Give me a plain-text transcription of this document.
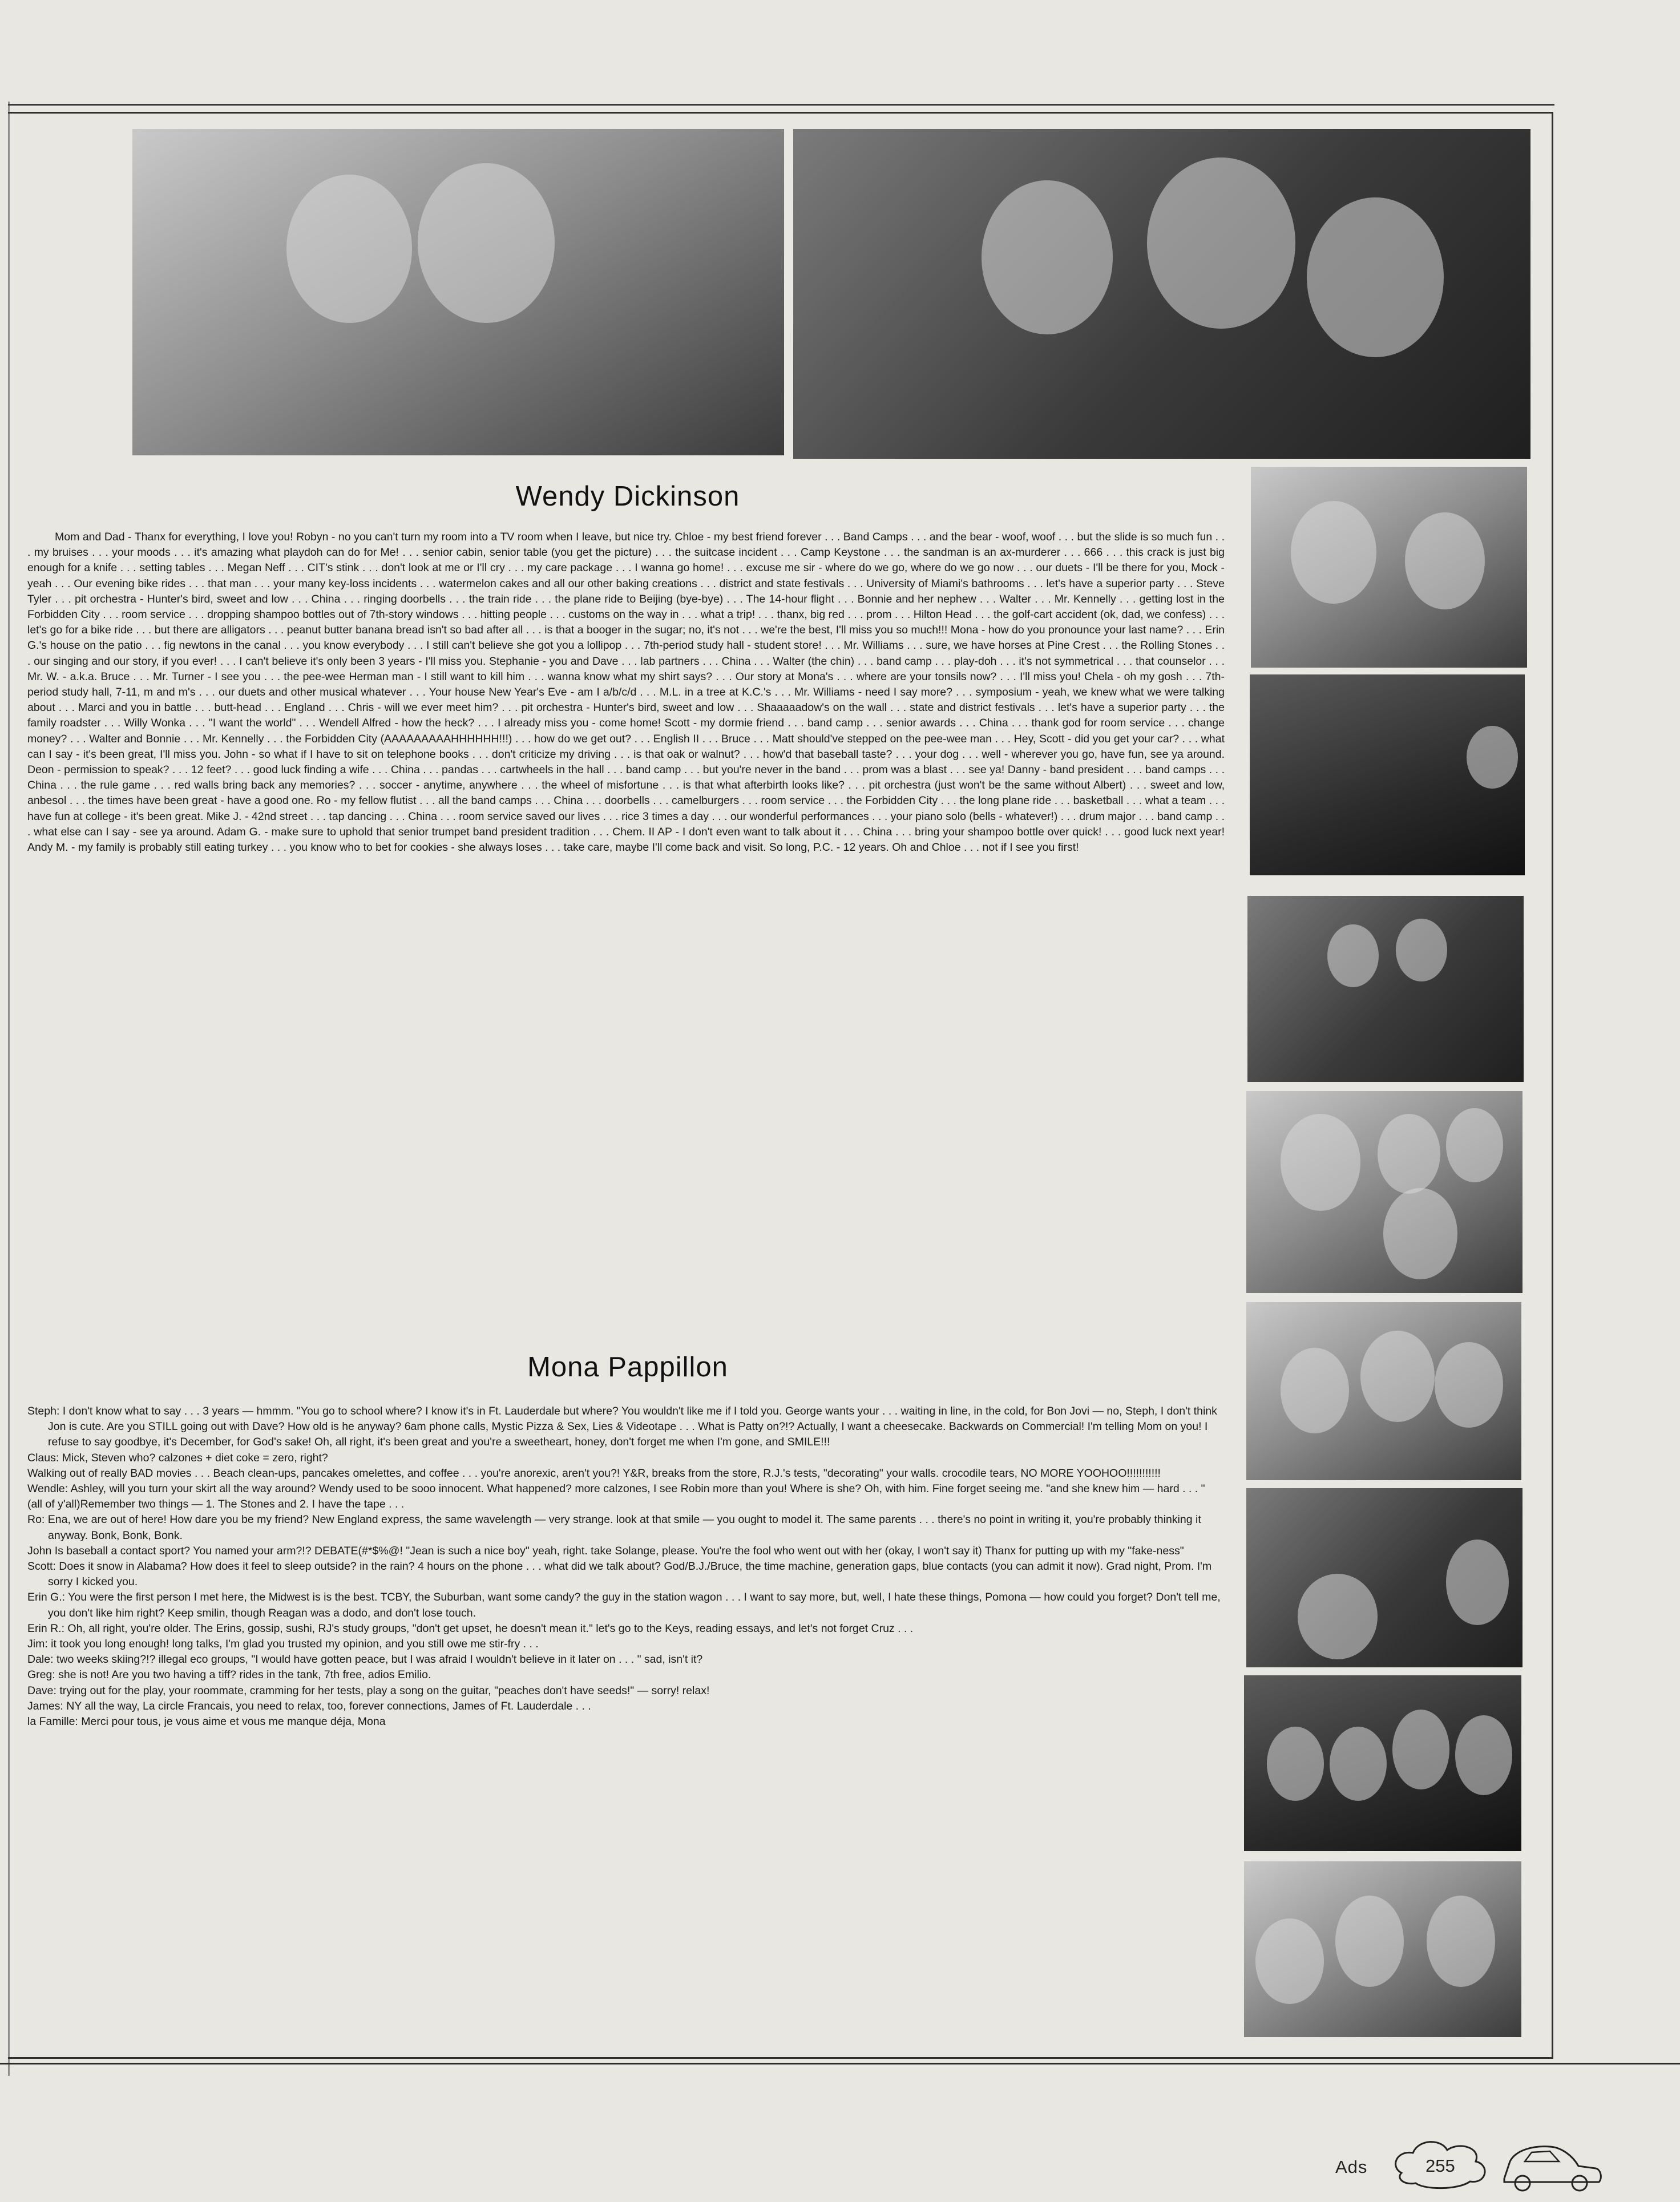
Wendy Dickinson

Mom and Dad - Thanx for everything, I love you! Robyn - no you can't turn my room into a TV room when I leave, but nice try. Chloe - my best friend forever . . . Band Camps . . . and the bear - woof, woof . . . but the slide is so much fun . . . my bruises . . . your moods . . . it's amazing what playdoh can do for Me! . . . senior cabin, senior table (you get the picture) . . . the suitcase incident . . . Camp Keystone . . . the sandman is an ax-murderer . . . 666 . . . this crack is just big enough for a knife . . . setting tables . . . Megan Neff . . . CIT's stink . . . don't look at me or I'll cry . . . my care package . . . I wanna go home! . . . excuse me sir - where do we go, where do we go now . . . our duets - I'll be there for you, Mock - yeah . . . Our evening bike rides . . . that man . . . your many key-loss incidents . . . watermelon cakes and all our other baking creations . . . district and state festivals . . . University of Miami's bathrooms . . . let's have a superior party . . . Steve Tyler . . . pit orchestra - Hunter's bird, sweet and low . . . China . . . ringing doorbells . . . the train ride . . . the plane ride to Beijing (bye-bye) . . . The 14-hour flight . . . Bonnie and her nephew . . . Walter . . . Mr. Kennelly . . . getting lost in the Forbidden City . . . room service . . . dropping shampoo bottles out of 7th-story windows . . . hitting people . . . customs on the way in . . . what a trip! . . . thanx, big red . . . prom . . . Hilton Head . . . the golf-cart accident (ok, dad, we confess) . . . let's go for a bike ride . . . but there are alligators . . . peanut butter banana bread isn't so bad after all . . . is that a booger in the sugar; no, it's not . . . we're the best, I'll miss you so much!!! Mona - how do you pronounce your last name? . . . Erin G.'s house on the patio . . . fig newtons in the canal . . . you know everybody . . . I still can't believe she got you a lollipop . . . 7th-period study hall - student store! . . . Mr. Williams . . . sure, we have horses at Pine Crest . . . the Rolling Stones . . . our singing and our story, if you ever! . . . I can't believe it's only been 3 years - I'll miss you. Stephanie - you and Dave . . . lab partners . . . China . . . Walter (the chin) . . . band camp . . . play-doh . . . it's not symmetrical . . . that counselor . . . Mr. W. - a.k.a. Bruce . . . Mr. Turner - I see you . . . the pee-wee Herman man - I still want to kill him . . . wanna know what my shirt says? . . . Our story at Mona's . . . where are your tonsils now? . . . I'll miss you! Chela - oh my gosh . . . 7th-period study hall, 7-11, m and m's . . . our duets and other musical whatever . . . Your house New Year's Eve - am I a/b/c/d . . . M.L. in a tree at K.C.'s . . . Mr. Williams - need I say more? . . . symposium - yeah, we knew what we were talking about . . . Marci and you in battle . . . butt-head . . . England . . . Chris - will we ever meet him? . . . pit orchestra - Hunter's bird, sweet and low . . . Shaaaaadow's on the wall . . . state and district festivals . . . let's have a superior party . . . the family roadster . . . Willy Wonka . . . "I want the world" . . . Wendell Alfred - how the heck? . . . I already miss you - come home! Scott - my dormie friend . . . band camp . . . senior awards . . . China . . . thank god for room service . . . change money? . . . Walter and Bonnie . . . Mr. Kennelly . . . the Forbidden City (AAAAAAAAAHHHHHH!!!) . . . how do we get out? . . . English II . . . Bruce . . . Matt should've stepped on the pee-wee man . . . Hey, Scott - did you get your car? . . . what can I say - it's been great, I'll miss you. John - so what if I have to sit on telephone books . . . don't criticize my driving . . . is that oak or walnut? . . . how'd that baseball taste? . . . your dog . . . well - wherever you go, have fun, see ya around. Deon - permission to speak? . . . 12 feet? . . . good luck finding a wife . . . China . . . pandas . . . cartwheels in the hall . . . band camp . . . but you're never in the band . . . prom was a blast . . . see ya! Danny - band president . . . band camps . . . China . . . the rule game . . . red walls bring back any memories? . . . soccer - anytime, anywhere . . . the wheel of misfortune . . . is that what afterbirth looks like? . . . pit orchestra (just won't be the same without Albert) . . . sweet and low, anbesol . . . the times have been great - have a good one. Ro - my fellow flutist . . . all the band camps . . . China . . . doorbells . . . camelburgers . . . room service . . . the Forbidden City . . . the long plane ride . . . basketball . . . what a team . . . have fun at college - it's been great. Mike J. - 42nd street . . . tap dancing . . . China . . . room service saved our lives . . . rice 3 times a day . . . our wonderful performances . . . your piano solo (bells - whatever!) . . . drum major . . . band camp . . . what else can I say - see ya around. Adam G. - make sure to uphold that senior trumpet band president tradition . . . Chem. II AP - I don't even want to talk about it . . . China . . . bring your shampoo bottle over quick! . . . good luck next year! Andy M. - my family is probably still eating turkey . . . you know who to bet for cookies - she always loses . . . take care, maybe I'll come back and visit. So long, P.C. - 12 years. Oh and Chloe . . . not if I see you first!

Mona Pappillon

Steph: I don't know what to say . . . 3 years — hmmm. "You go to school where? I know it's in Ft. Lauderdale but where? You wouldn't like me if I told you. George wants your . . . waiting in line, in the cold, for Bon Jovi — no, Steph, I don't think Jon is cute. Are you STILL going out with Dave? How old is he anyway? 6am phone calls, Mystic Pizza & Sex, Lies & Videotape . . . What is Patty on?!? Actually, I want a cheesecake. Backwards on Commercial! I'm telling Mom on you! I refuse to say goodbye, it's December, for God's sake! Oh, all right, it's been great and you're a sweetheart, honey, don't forget me when I'm gone, and SMILE!!!

Claus: Mick, Steven who? calzones + diet coke = zero, right?

Walking out of really BAD movies . . . Beach clean-ups, pancakes omelettes, and coffee . . . you're anorexic, aren't you?! Y&R, breaks from the store, R.J.'s tests, "decorating" your walls. crocodile tears, NO MORE YOOHOO!!!!!!!!!!!

Wendle: Ashley, will you turn your skirt all the way around? Wendy used to be sooo innocent. What happened? more calzones, I see Robin more than you! Where is she? Oh, with him. Fine forget seeing me. "and she knew him — hard . . . "

(all of y'all)Remember two things — 1. The Stones and 2. I have the tape . . .

Ro: Ena, we are out of here! How dare you be my friend? New England express, the same wavelength — very strange. look at that smile — you ought to model it. The same parents . . . there's no point in writing it, you're probably thinking it anyway. Bonk, Bonk, Bonk.

John Is baseball a contact sport? You named your arm?!? DEBATE(#*$%@! "Jean is such a nice boy" yeah, right. take Solange, please. You're the fool who went out with her (okay, I won't say it) Thanx for putting up with my "fake-ness"

Scott: Does it snow in Alabama? How does it feel to sleep outside? in the rain? 4 hours on the phone . . . what did we talk about? God/B.J./Bruce, the time machine, generation gaps, blue contacts (you can admit it now). Grad night, Prom. I'm sorry I kicked you.

Erin G.: You were the first person I met here, the Midwest is is the best. TCBY, the Suburban, want some candy? the guy in the station wagon . . . I want to say more, but, well, I hate these things, Pomona — how could you forget? Don't tell me, you don't like him right? Keep smilin, though Reagan was a dodo, and don't lose touch.

Erin R.: Oh, all right, you're older. The Erins, gossip, sushi, RJ's study groups, "don't get upset, he doesn't mean it." let's go to the Keys, reading essays, and let's not forget Cruz . . .

Jim: it took you long enough! long talks, I'm glad you trusted my opinion, and you still owe me stir-fry . . .

Dale: two weeks skiing?!? illegal eco groups, "I would have gotten peace, but I was afraid I wouldn't believe in it later on . . . " sad, isn't it?

Greg: she is not! Are you two having a tiff? rides in the tank, 7th free, adios Emilio.

Dave: trying out for the play, your roommate, cramming for her tests, play a song on the guitar, "peaches don't have seeds!" — sorry! relax!

James: NY all the way, La circle Francais, you need to relax, too, forever connections, James of Ft. Lauderdale . . .

la Famille: Merci pour tous, je vous aime et vous me manque déja, Mona

Ads	255
